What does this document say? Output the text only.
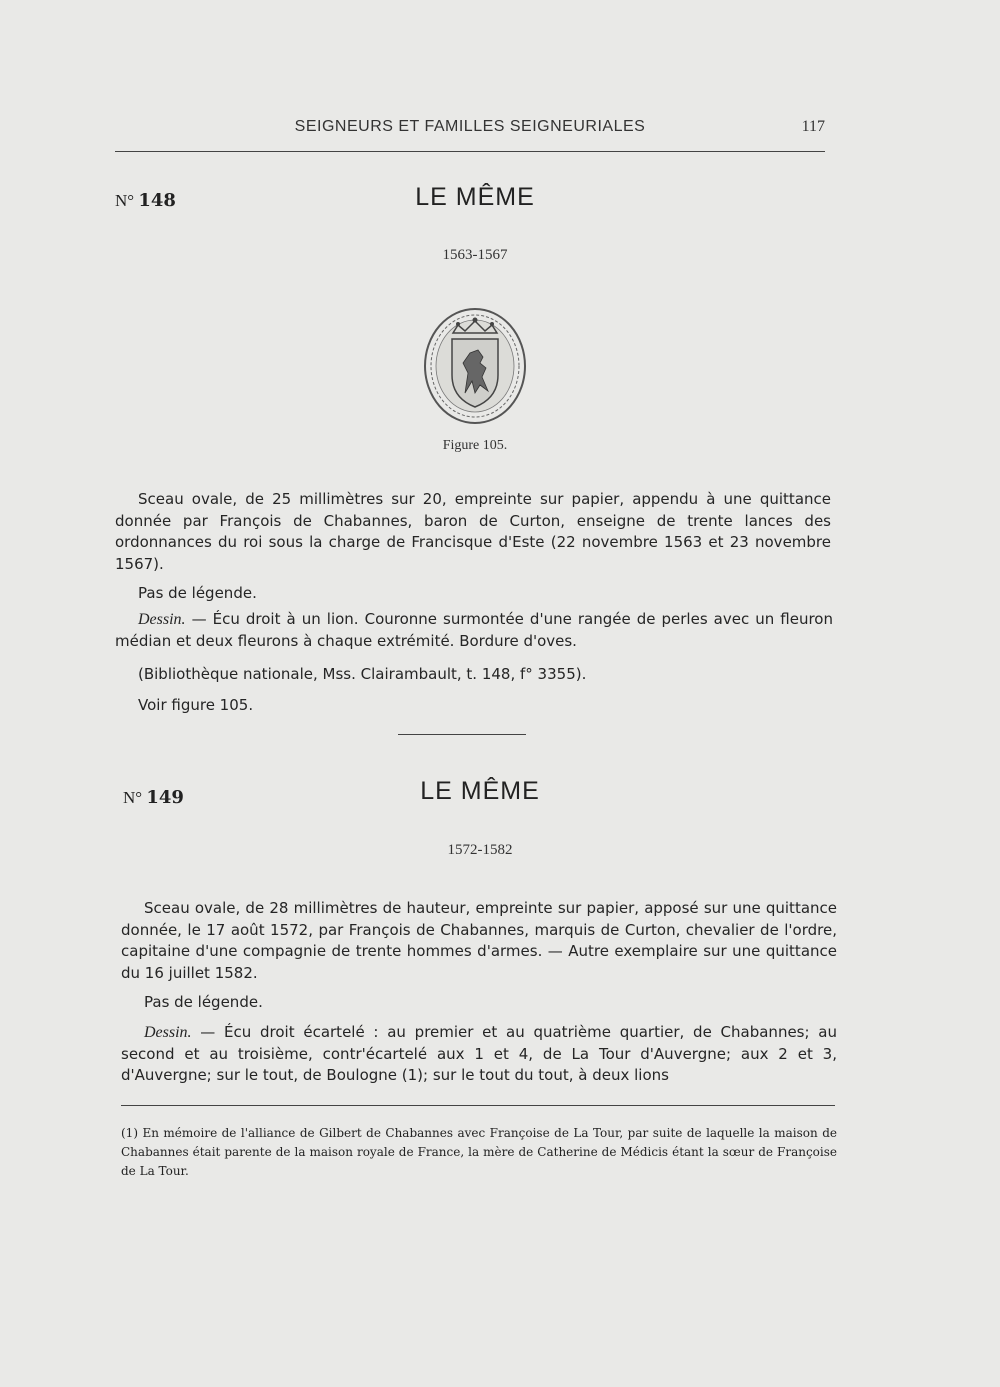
SEIGNEURS ET FAMILLES SEIGNEURIALES	117
N° 148	LE MÊME
1563-1567
Figure 105.

Sceau ovale, de 25 millimètres sur 20, empreinte sur papier, appendu à une quittance donnée par François de Chabannes, baron de Curton, enseigne de trente lances des ordonnances du roi sous la charge de Francisque d'Este (22 novembre 1563 et 23 novembre 1567).

Pas de légende.

Dessin. — Écu droit à un lion. Couronne surmontée d'une rangée de perles avec un fleuron médian et deux fleurons à chaque extrémité. Bordure d'oves.

(Bibliothèque nationale, Mss. Clairambault, t. 148, f° 3355).

Voir figure 105.

N° 149	LE MÊME
1572-1582

Sceau ovale, de 28 millimètres de hauteur, empreinte sur papier, apposé sur une quittance donnée, le 17 août 1572, par François de Chabannes, marquis de Curton, chevalier de l'ordre, capitaine d'une compagnie de trente hommes d'armes. — Autre exemplaire sur une quittance du 16 juillet 1582.

Pas de légende.

Dessin. — Écu droit écartelé : au premier et au quatrième quartier, de Chabannes; au second et au troisième, contr'écartelé aux 1 et 4, de La Tour d'Auvergne; aux 2 et 3, d'Auvergne; sur le tout, de Boulogne (1); sur le tout du tout, à deux lions

(1) En mémoire de l'alliance de Gilbert de Chabannes avec Françoise de La Tour, par suite de laquelle la maison de Chabannes était parente de la maison royale de France, la mère de Catherine de Médicis étant la sœur de Françoise de La Tour.
